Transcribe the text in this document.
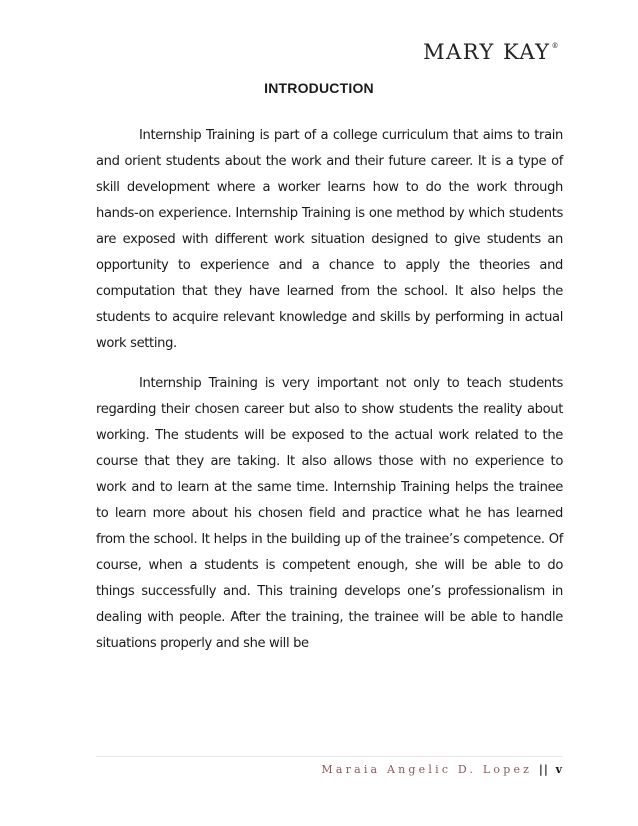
MARY KAY®
INTRODUCTION

Internship Training is part of a college curriculum that aims to train and orient students about the work and their future career. It is a type of skill development where a worker learns how to do the work through hands-on experience. Internship Training is one method by which students are exposed with different work situation designed to give students an opportunity to experience and a chance to apply the theories and computation that they have learned from the school. It also helps the students to acquire relevant knowledge and skills by performing in actual work setting.

Internship Training is very important not only to teach students regarding their chosen career but also to show students the reality about working. The students will be exposed to the actual work related to the course that they are taking. It also allows those with no experience to work and to learn at the same time. Internship Training helps the trainee to learn more about his chosen field and practice what he has learned from the school. It helps in the building up of the trainee’s competence. Of course, when a students is competent enough, she will be able to do things successfully and. This training develops one’s professionalism in dealing with people. After the training, the trainee will be able to handle situations properly and she will be

Maraia Angelic D. Lopez || v
